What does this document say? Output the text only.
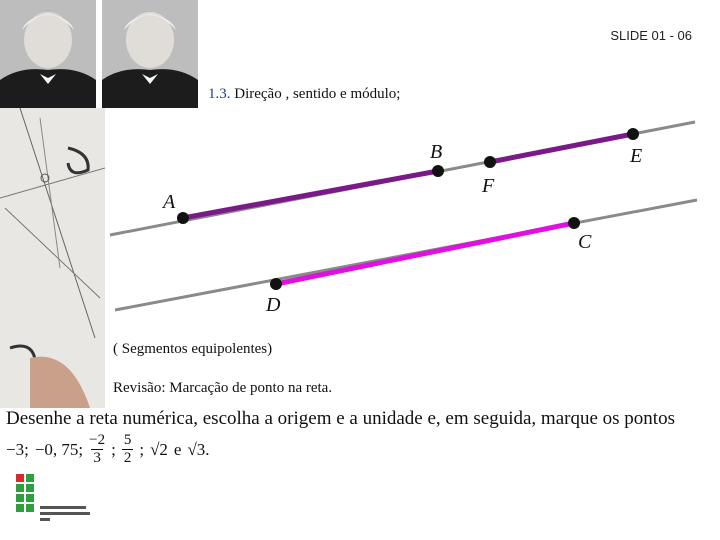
SLIDE 01 - 06
1.3. Direção , sentido e módulo;
A
B
F
E
C
D
( Segmentos equipolentes)
Revisão: Marcação de ponto na reta.
Desenhe a reta numérica, escolha a origem e a unidade e, em seguida, marque os pontos
−3; −0, 75; $\frac{-2}{3}$ ; $\frac{5}{2}$ ; √2 e √3.
